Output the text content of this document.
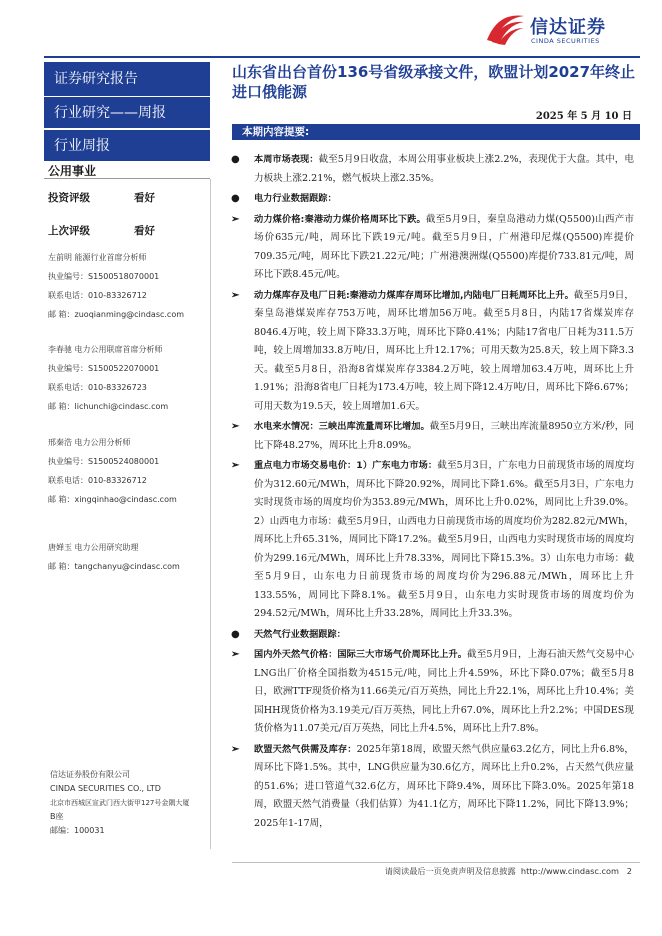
信达证券
CINDA SECURITIES
证券研究报告
行业研究——周报
行业周报
公用事业
投资评级	看好
上次评级	看好
左前明 能源行业首席分析师
执业编号：S1500518070001
联系电话：010-83326712
邮 箱：zuoqianming@cindasc.com
李春驰 电力公用联席首席分析师
执业编号：S1500522070001
联系电话：010-83326723
邮 箱：lichunchi@cindasc.com
邢秦浩 电力公用分析师
执业编号：S1500524080001
联系电话：010-83326712
邮 箱：xingqinhao@cindasc.com
唐婵玉 电力公用研究助理
邮 箱：tangchanyu@cindasc.com
信达证券股份有限公司
CINDA SECURITIES CO., LTD
北京市西城区宣武门西大街甲127号金隅大厦
B座
邮编：100031
山东省出台首份136号省级承接文件，欧盟计划2027年终止进口俄能源
2025 年 5 月 10 日
本期内容提要:
● 本周市场表现：截至5月9日收盘，本周公用事业板块上涨2.2%，表现优于大盘。其中，电力板块上涨2.21%，燃气板块上涨2.35%。
● 电力行业数据跟踪：
➢ 动力煤价格:秦港动力煤价格周环比下跌。截至5月9日，秦皇岛港动力煤(Q5500)山西产市场价635元/吨，周环比下跌19元/吨。截至5月9日，广州港印尼煤(Q5500)库提价709.35元/吨，周环比下跌21.22元/吨；广州港澳洲煤(Q5500)库提价733.81元/吨，周环比下跌8.45元/吨。
➢ 动力煤库存及电厂日耗:秦港动力煤库存周环比增加,内陆电厂日耗周环比上升。截至5月9日，秦皇岛港煤炭库存753万吨，周环比增加56万吨。截至5月8日，内陆17省煤炭库存8046.4万吨，较上周下降33.3万吨，周环比下降0.41%；内陆17省电厂日耗为311.5万吨，较上周增加33.8万吨/日，周环比上升12.17%；可用天数为25.8天，较上周下降3.3天。截至5月8日，沿海8省煤炭库存3384.2万吨，较上周增加63.4万吨，周环比上升1.91%；沿海8省电厂日耗为173.4万吨，较上周下降12.4万吨/日，周环比下降6.67%；可用天数为19.5天，较上周增加1.6天。
➢ 水电来水情况：三峡出库流量周环比增加。截至5月9日，三峡出库流量8950立方米/秒，同比下降48.27%，周环比上升8.09%。
➢ 重点电力市场交易电价：1）广东电力市场：截至5月3日，广东电力日前现货市场的周度均价为312.60元/MWh，周环比下降20.92%，周同比下降1.6%。截至5月3日，广东电力实时现货市场的周度均价为353.89元/MWh，周环比上升0.02%，周同比上升39.0%。2）山西电力市场：截至5月9日，山西电力日前现货市场的周度均价为282.82元/MWh，周环比上升65.31%，周同比下降17.2%。截至5月9日，山西电力实时现货市场的周度均价为299.16元/MWh，周环比上升78.33%，周同比下降15.3%。3）山东电力市场：截至5月9日，山东电力日前现货市场的周度均价为296.88元/MWh，周环比上升133.55%，周同比下降8.1%。截至5月9日，山东电力实时现货市场的周度均价为294.52元/MWh，周环比上升33.28%，周同比上升33.3%。
● 天然气行业数据跟踪：
➢ 国内外天然气价格：国际三大市场气价周环比上升。截至5月9日，上海石油天然气交易中心LNG出厂价格全国指数为4515元/吨，同比上升4.59%，环比下降0.07%；截至5月8日，欧洲TTF现货价格为11.66美元/百万英热，同比上升22.1%，周环比上升10.4%；美国HH现货价格为3.19美元/百万英热，同比上升67.0%，周环比上升2.2%；中国DES现货价格为11.07美元/百万英热，同比上升4.5%，周环比上升7.8%。
➢ 欧盟天然气供需及库存：2025年第18周，欧盟天然气供应量63.2亿方，同比上升6.8%，周环比下降1.5%。其中，LNG供应量为30.6亿方，周环比上升0.2%，占天然气供应量的51.6%；进口管道气32.6亿方，周环比下降9.4%，周环比下降3.0%。2025年第18周，欧盟天然气消费量（我们估算）为41.1亿方，周环比下降11.2%，同比下降13.9%；2025年1-17周，
请阅读最后一页免责声明及信息披露 http://www.cindasc.com 2
